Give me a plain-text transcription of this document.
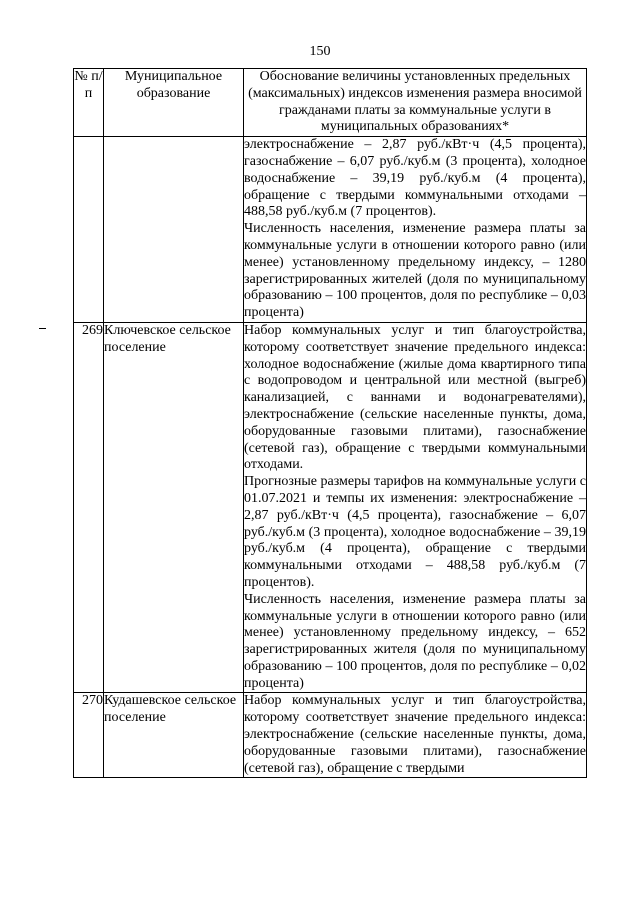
150
№ п/п	Муниципальное образование	Обоснование величины установленных предельных (максимальных) индексов изменения размера вносимой гражданами платы за коммунальные услуги в муниципальных образованиях*

		электроснабжение – 2,87 руб./кВт·ч (4,5 процента), газоснабжение – 6,07 руб./куб.м (3 процента), холодное водоснабжение – 39,19 руб./куб.м (4 процента), обращение с твердыми коммунальными отходами – 488,58 руб./куб.м (7 процентов).

Численность населения, изменение размера платы за коммунальные услуги в отношении которого равно (или менее) установленному предельному индексу, – 1280 зарегистрированных жителей (доля по муниципальному образованию – 100 процентов, доля по республике – 0,03 процента)

269	Ключевское сельское поселение	Набор коммунальных услуг и тип благоустройства, которому соответствует значение предельного индекса: холодное водоснабжение (жилые дома квартирного типа с водопроводом и центральной или местной (выгреб) канализацией, с ваннами и водонагревателями), электроснабжение (сельские населенные пункты, дома, оборудованные газовыми плитами), газоснабжение (сетевой газ), обращение с твердыми коммунальными отходами.

Прогнозные размеры тарифов на коммунальные услуги с 01.07.2021 и темпы их изменения: электроснабжение – 2,87 руб./кВт·ч (4,5 процента), газоснабжение – 6,07 руб./куб.м (3 процента), холодное водоснабжение – 39,19 руб./куб.м (4 процента), обращение с твердыми коммунальными отходами – 488,58 руб./куб.м (7 процентов).

Численность населения, изменение размера платы за коммунальные услуги в отношении которого равно (или менее) установленному предельному индексу, – 652 зарегистрированных жителя (доля по муниципальному образованию – 100 процентов, доля по республике – 0,02 процента)

270	Кудашевское сельское поселение	Набор коммунальных услуг и тип благоустройства, которому соответствует значение предельного индекса: электроснабжение (сельские населенные пункты, дома, оборудованные газовыми плитами), газоснабжение (сетевой газ), обращение с твердыми
